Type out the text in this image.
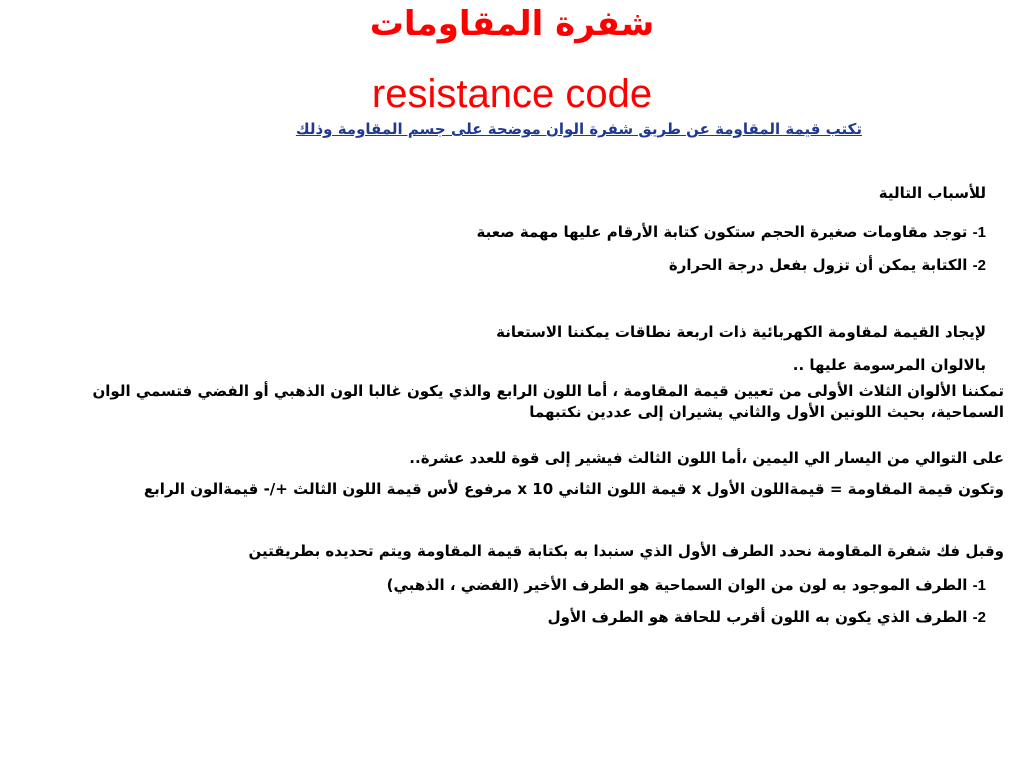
شفرة المقاومات
resistance code
تكتب قيمة المقاومة عن طريق شفرة الوان موضحة على جسم المقاومة وذلك
للأسباب التالية
1- توجد مقاومات صغيرة الحجم ستكون كتابة الأرقام عليها مهمة صعبة
2- الكتابة يمكن أن تزول بفعل درجة الحرارة
لإيجاد القيمة لمقاومة الكهربائية ذات اربعة نطاقات يمكننا الاستعانة
بالالوان المرسومة عليها ..
تمكننا الألوان الثلاث الأولى من تعيين قيمة المقاومة ، أما اللون الرابع والذي يكون غالبا الون الذهبي أو الفضي فتسمي الوان السماحية، بحيث اللونين الأول والثاني يشيران إلى عددين نكتبهما
على التوالي من اليسار الي اليمين ،أما اللون الثالث فيشير إلى قوة للعدد عشرة..
وتكون قيمة المقاومة = قيمةاللون الأول x قيمة اللون الثاني x 10 مرفوع لأس قيمة اللون الثالث +/- قيمةالون الرابع
وقبل فك شفرة المقاومة نحدد الطرف الأول الذي سنبدا به بكتابة قيمة المقاومة ويتم تحديده بطريقتين
1- الطرف الموجود به لون من الوان السماحية هو الطرف الأخير (الفضي ، الذهبي)
2- الطرف الذي يكون به اللون أقرب للحافة هو الطرف الأول
